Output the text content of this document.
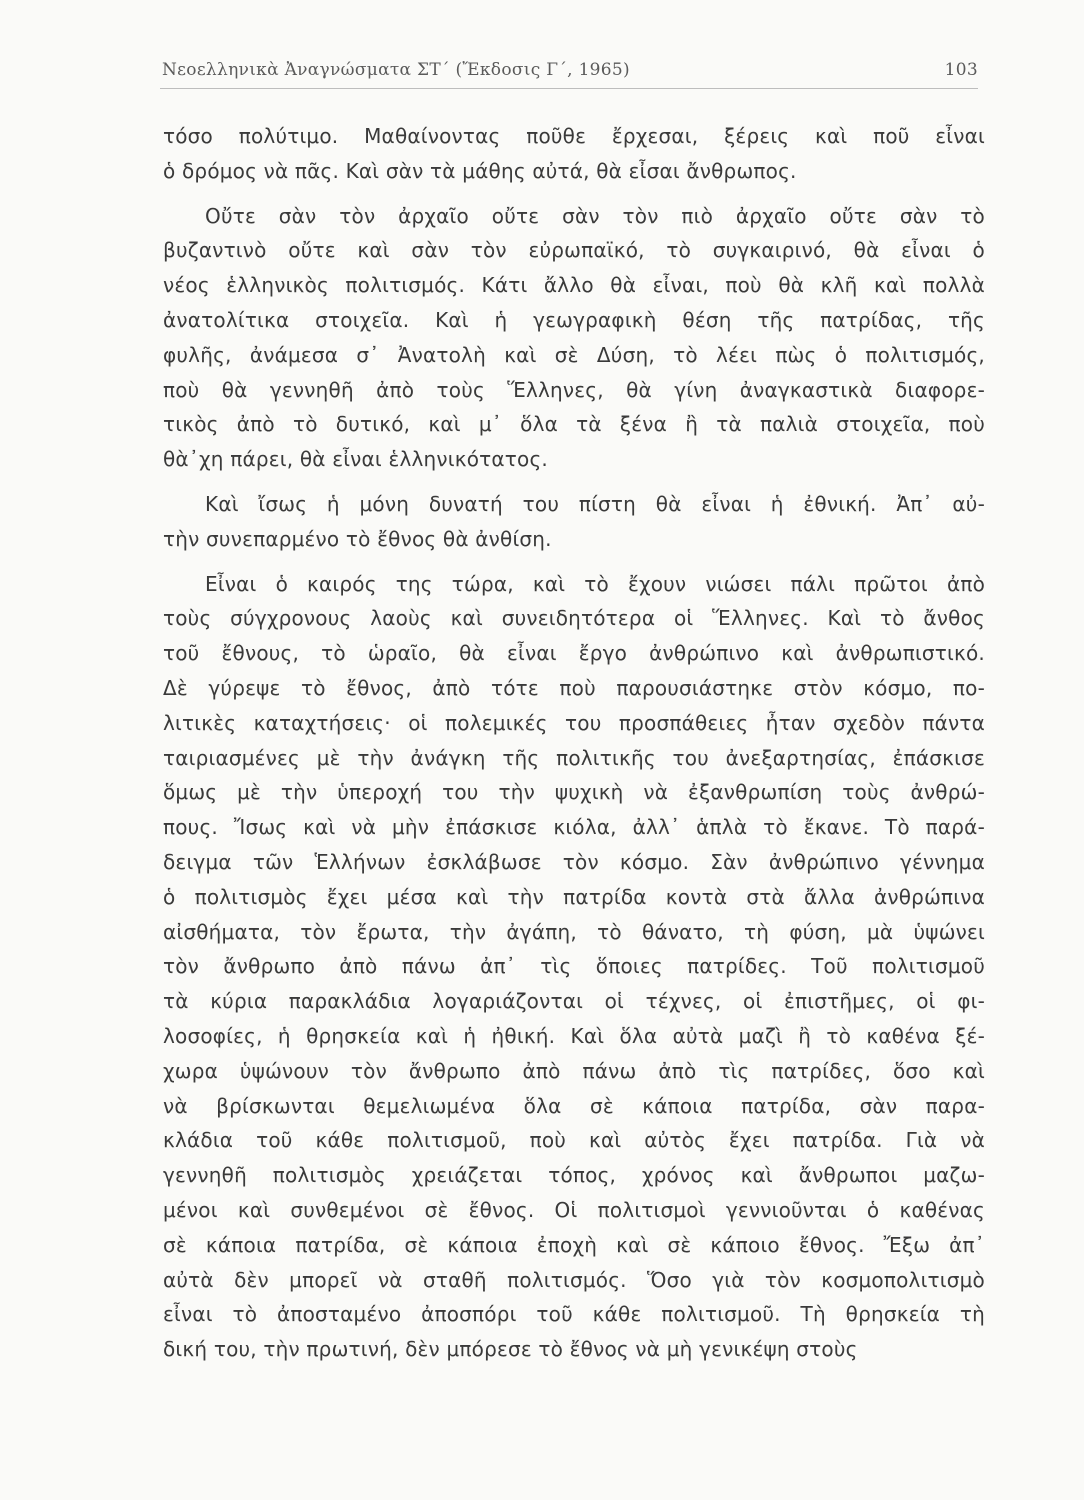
Νεοελληνικὰ Ἀναγνώσματα ΣΤ΄ (Ἔκδοσις Γ΄, 1965)	103
τόσο πολύτιμο. Μαθαίνοντας ποῦθε ἔρχεσαι, ξέρεις καὶ ποῦ εἶναι
ὁ δρόμος νὰ πᾶς. Καὶ σὰν τὰ μάθης αὐτά, θὰ εἶσαι ἄνθρωπος.
Οὔτε σὰν τὸν ἀρχαῖο οὔτε σὰν τὸν πιὸ ἀρχαῖο οὔτε σὰν τὸ
βυζαντινὸ οὔτε καὶ σὰν τὸν εὐρωπαϊκό, τὸ συγκαιρινό, θὰ εἶναι ὁ
νέος ἑλληνικὸς πολιτισμός. Κάτι ἄλλο θὰ εἶναι, ποὺ θὰ κλῆ καὶ πολλὰ
ἀνατολίτικα στοιχεῖα. Καὶ ἡ γεωγραφικὴ θέση τῆς πατρίδας, τῆς
φυλῆς, ἀνάμεσα σ᾽ Ἀνατολὴ καὶ σὲ Δύση, τὸ λέει πὼς ὁ πολιτισμός,
ποὺ θὰ γεννηθῆ ἀπὸ τοὺς Ἕλληνες, θὰ γίνη ἀναγκαστικὰ διαφορε-
τικὸς ἀπὸ τὸ δυτικό, καὶ μ᾽ ὅλα τὰ ξένα ἢ τὰ παλιὰ στοιχεῖα, ποὺ
θὰ᾽χη πάρει, θὰ εἶναι ἑλληνικότατος.
Καὶ ἴσως ἡ μόνη δυνατή του πίστη θὰ εἶναι ἡ ἐθνική. Ἀπ᾽ αὐ-
τὴν συνεπαρμένο τὸ ἔθνος θὰ ἀνθίση.
Εἶναι ὁ καιρός της τώρα, καὶ τὸ ἔχουν νιώσει πάλι πρῶτοι ἀπὸ
τοὺς σύγχρονους λαοὺς καὶ συνειδητότερα οἱ Ἕλληνες. Καὶ τὸ ἄνθος
τοῦ ἔθνους, τὸ ὡραῖο, θὰ εἶναι ἔργο ἀνθρώπινο καὶ ἀνθρωπιστικό.
Δὲ γύρεψε τὸ ἔθνος, ἀπὸ τότε ποὺ παρουσιάστηκε στὸν κόσμο, πο-
λιτικὲς καταχτήσεις· οἱ πολεμικές του προσπάθειες ἦταν σχεδὸν πάντα
ταιριασμένες μὲ τὴν ἀνάγκη τῆς πολιτικῆς του ἀνεξαρτησίας, ἐπάσκισε
ὅμως μὲ τὴν ὑπεροχή του τὴν ψυχικὴ νὰ ἐξανθρωπίση τοὺς ἀνθρώ-
πους. Ἴσως καὶ νὰ μὴν ἐπάσκισε κιόλα, ἀλλ᾽ ἁπλὰ τὸ ἔκανε. Τὸ παρά-
δειγμα τῶν Ἑλλήνων ἐσκλάβωσε τὸν κόσμο. Σὰν ἀνθρώπινο γέννημα
ὁ πολιτισμὸς ἔχει μέσα καὶ τὴν πατρίδα κοντὰ στὰ ἄλλα ἀνθρώπινα
αἰσθήματα, τὸν ἔρωτα, τὴν ἀγάπη, τὸ θάνατο, τὴ φύση, μὰ ὑψώνει
τὸν ἄνθρωπο ἀπὸ πάνω ἀπ᾽ τὶς ὅποιες πατρίδες. Τοῦ πολιτισμοῦ
τὰ κύρια παρακλάδια λογαριάζονται οἱ τέχνες, οἱ ἐπιστῆμες, οἱ φι-
λοσοφίες, ἡ θρησκεία καὶ ἡ ἠθική. Καὶ ὅλα αὐτὰ μαζὶ ἢ τὸ καθένα ξέ-
χωρα ὑψώνουν τὸν ἄνθρωπο ἀπὸ πάνω ἀπὸ τὶς πατρίδες, ὅσο καὶ
νὰ βρίσκωνται θεμελιωμένα ὅλα σὲ κάποια πατρίδα, σὰν παρα-
κλάδια τοῦ κάθε πολιτισμοῦ, ποὺ καὶ αὐτὸς ἔχει πατρίδα. Γιὰ νὰ
γεννηθῆ πολιτισμὸς χρειάζεται τόπος, χρόνος καὶ ἄνθρωποι μαζω-
μένοι καὶ συνθεμένοι σὲ ἔθνος. Οἱ πολιτισμοὶ γεννιοῦνται ὁ καθένας
σὲ κάποια πατρίδα, σὲ κάποια ἐποχὴ καὶ σὲ κάποιο ἔθνος. Ἔξω ἀπ᾽
αὐτὰ δὲν μπορεῖ νὰ σταθῆ πολιτισμός. Ὅσο γιὰ τὸν κοσμοπολιτισμὸ
εἶναι τὸ ἀποσταμένο ἀποσπόρι τοῦ κάθε πολιτισμοῦ. Τὴ θρησκεία τὴ
δική του, τὴν πρωτινή, δὲν μπόρεσε τὸ ἔθνος νὰ μὴ γενικέψη στοὺς
